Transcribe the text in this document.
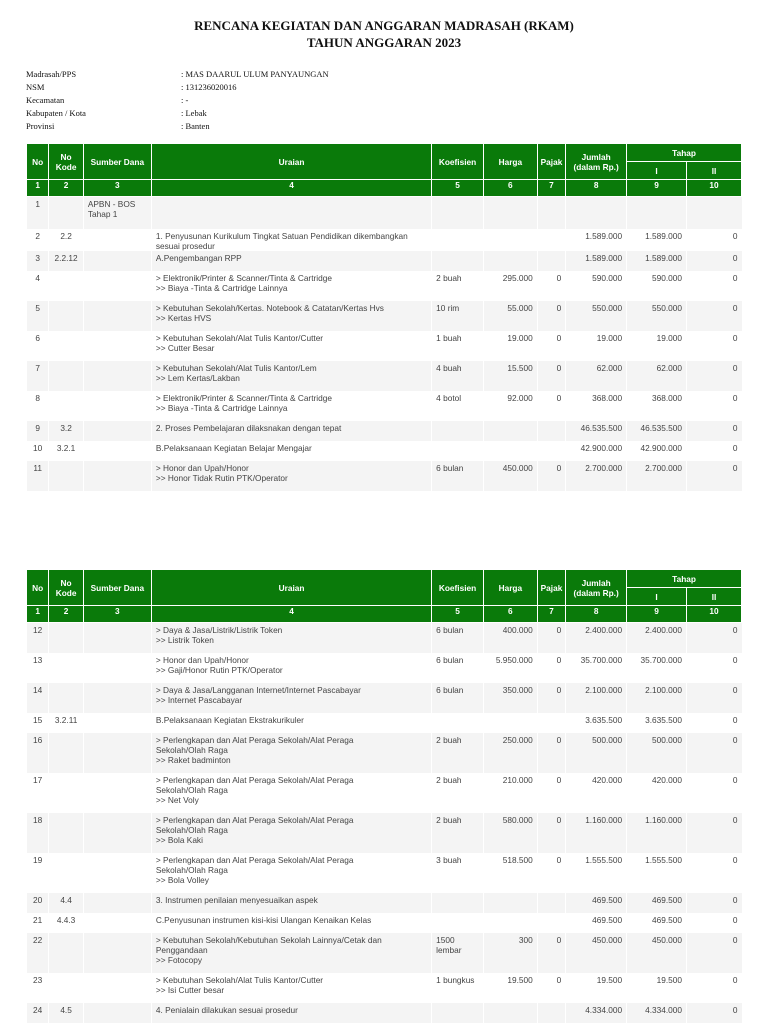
RENCANA KEGIATAN DAN ANGGARAN MADRASAH (RKAM)
TAHUN ANGGARAN 2023
Madrasah/PPS	: MAS DAARUL ULUM PANYAUNGAN
NSM	: 131236020016
Kecamatan	: -
Kabupaten / Kota	: Lebak
Provinsi	: Banten
No	No Kode	Sumber Dana	Uraian	Koefisien	Harga	Pajak	Jumlah (dalam Rp.)	Tahap	
								I	II
1	2	3	4	5	6	7	8	9	10
1		APBN - BOS Tahap 1							
2	2.2		1. Penyusunan Kurikulum Tingkat Satuan Pendidikan dikembangkan sesuai prosedur				1.589.000	1.589.000	0
3	2.2.12		A.Pengembangan RPP				1.589.000	1.589.000	0
4			> Elektronik/Printer & Scanner/Tinta & Cartridge
>> Biaya -Tinta & Cartridge Lainnya	2 buah	295.000	0	590.000	590.000	0
5			> Kebutuhan Sekolah/Kertas. Notebook & Catatan/Kertas Hvs
>> Kertas HVS	10 rim	55.000	0	550.000	550.000	0
6			> Kebutuhan Sekolah/Alat Tulis Kantor/Cutter
>> Cutter Besar	1 buah	19.000	0	19.000	19.000	0
7			> Kebutuhan Sekolah/Alat Tulis Kantor/Lem
>> Lem Kertas/Lakban	4 buah	15.500	0	62.000	62.000	0
8			> Elektronik/Printer & Scanner/Tinta & Cartridge
>> Biaya -Tinta & Cartridge Lainnya	4 botol	92.000	0	368.000	368.000	0
9	3.2		2. Proses Pembelajaran dilaksnakan dengan tepat				46.535.500	46.535.500	0
10	3.2.1		B.Pelaksanaan Kegiatan Belajar Mengajar				42.900.000	42.900.000	0
11			> Honor dan Upah/Honor
>> Honor Tidak Rutin PTK/Operator	6 bulan	450.000	0	2.700.000	2.700.000	0
No	No Kode	Sumber Dana	Uraian	Koefisien	Harga	Pajak	Jumlah (dalam Rp.)	Tahap	
								I	II
1	2	3	4	5	6	7	8	9	10
12			> Daya & Jasa/Listrik/Listrik Token
>> Listrik Token	6 bulan	400.000	0	2.400.000	2.400.000	0
13			> Honor dan Upah/Honor
>> Gaji/Honor Rutin PTK/Operator	6 bulan	5.950.000	0	35.700.000	35.700.000	0
14			> Daya & Jasa/Langganan Internet/Internet Pascabayar
>> Internet Pascabayar	6 bulan	350.000	0	2.100.000	2.100.000	0
15	3.2.11		B.Pelaksanaan Kegiatan Ekstrakurikuler				3.635.500	3.635.500	0
16			> Perlengkapan dan Alat Peraga Sekolah/Alat Peraga
Sekolah/Olah Raga
>> Raket badminton	2 buah	250.000	0	500.000	500.000	0
17			> Perlengkapan dan Alat Peraga Sekolah/Alat Peraga
Sekolah/Olah Raga
>> Net Voly	2 buah	210.000	0	420.000	420.000	0
18			> Perlengkapan dan Alat Peraga Sekolah/Alat Peraga
Sekolah/Olah Raga
>> Bola Kaki	2 buah	580.000	0	1.160.000	1.160.000	0
19			> Perlengkapan dan Alat Peraga Sekolah/Alat Peraga
Sekolah/Olah Raga
>> Bola Volley	3 buah	518.500	0	1.555.500	1.555.500	0
20	4.4		3. Instrumen penilaian menyesuaikan aspek				469.500	469.500	0
21	4.4.3		C.Penyusunan instrumen kisi-kisi Ulangan Kenaikan Kelas				469.500	469.500	0
22			> Kebutuhan Sekolah/Kebutuhan Sekolah Lainnya/Cetak dan
Penggandaan
>> Fotocopy	1500
lembar	300	0	450.000	450.000	0
23			> Kebutuhan Sekolah/Alat Tulis Kantor/Cutter
>> Isi Cutter besar	1 bungkus	19.500	0	19.500	19.500	0
24	4.5		4. Penialain dilakukan sesuai prosedur				4.334.000	4.334.000	0
